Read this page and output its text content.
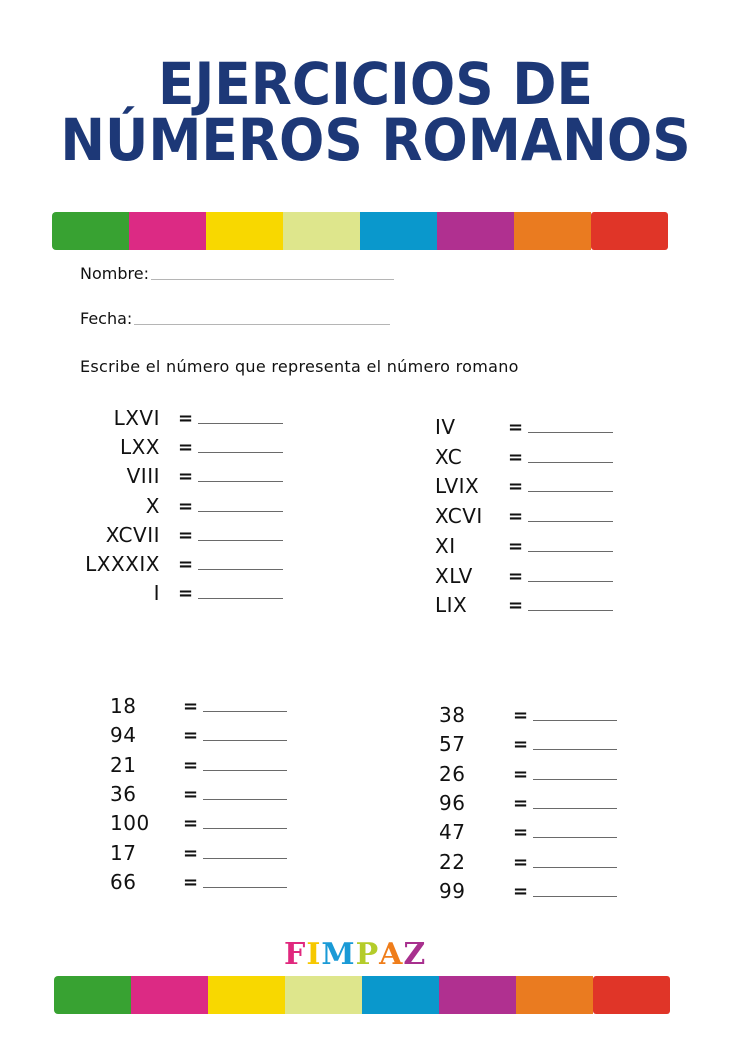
EJERCICIOS DE
NÚMEROS ROMANOS
Nombre:
Fecha:
Escribe el número que representa el número romano
LXVI =
LXX =
VIII =
X =
XCVII =
LXXXIX =
I =
IV	=
XC	=
LVIX =
XCVI =
XI	=
XLV =
LIX =
18	=
94	=
21	=
36	=
100 =
17	=
66	=
38	=
57	=
26	=
96	=
47	=
22	=
99	=
FIMPAZ
